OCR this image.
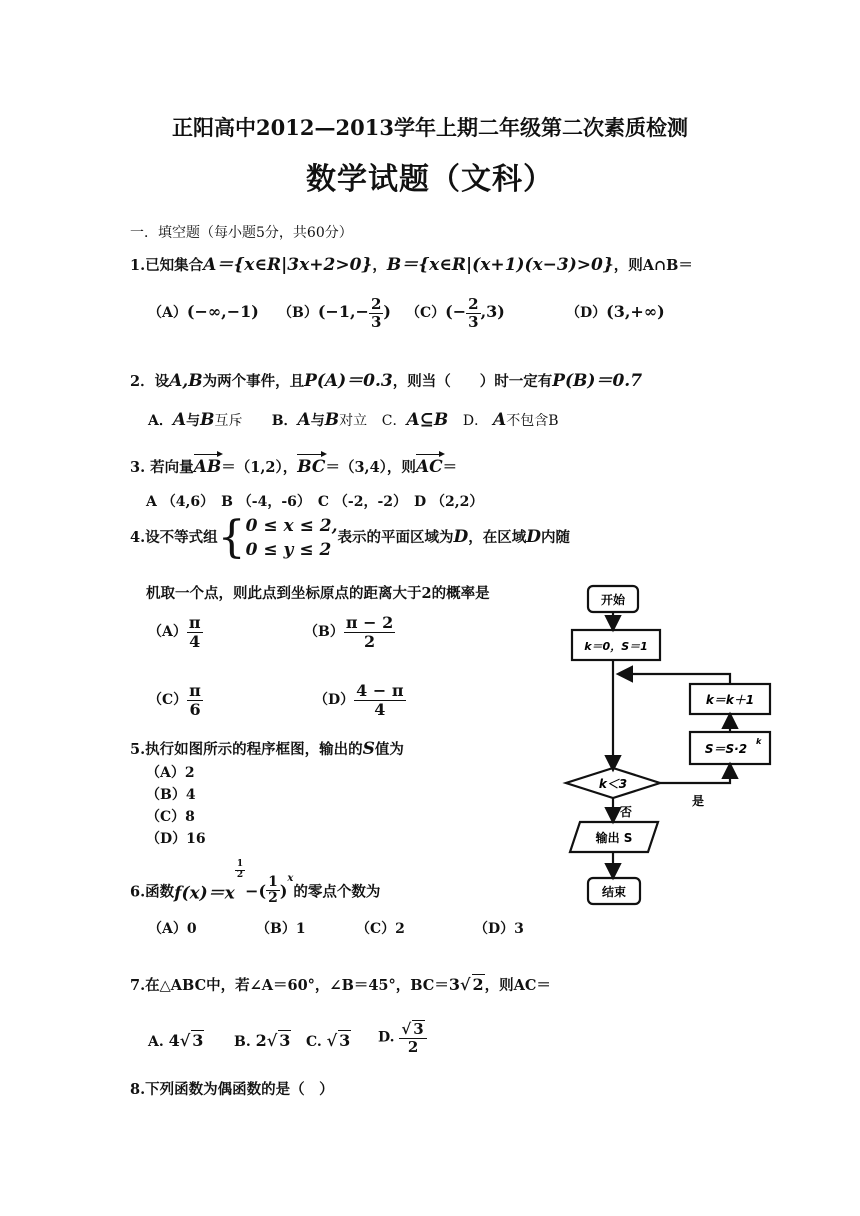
正阳高中2012—2013学年上期二年级第二次素质检测
数学试题（文科）
一．填空题（每小题5分，共60分）
1.已知集合A＝{x∈R|3x+2>0}，B＝{x∈R|(x+1)(x−3)>0}，则A∩B＝
（A）(−∞,−1) $(B)(-1,- \frac{2}{3}$ ) $(C)(- \frac{2}{3} ,3)$	（D）(3,+∞)
2．设A,B为两个事件，且P(A)＝0.3，则当（　　）时一定有P(B)＝0.7
A．A与B互斥 B．A与B对立 C．A⊆B D． A不包含B
3. 若向量AB＝（1,2），BC＝（3,4），则AC＝
A （4,6）　B （-4，-6）　C （-2，-2）　D （2,2）
4.设不等式组{ 0 ≤ x ≤ 2,
0 ≤ y ≤ 2
表示的平面区域为D，在区域D内随
机取一个点，则此点到坐标原点的距离大于2的概率是
$(A) \frac{\pi}{4}$	$(B) \frac{\pi - 2}{2}$
$(C) \frac{\pi}{6}$	$(D) \frac{4 - \pi}{4}$
5.执行如图所示的程序框图，输出的S值为
（A）2
（B）4
（C）8
（D）16
开始
k＝0，S＝1
k＝k＋1
S＝S·2
k
k＜3
是
否
输出 S
结束
6.函数f(x)＝x
$\frac{1}{2}$
−( $\frac{1}{2} )^x$的零点个数为
（A）0	（B）1	（C）2	（D）3
7.在△ABC中，若∠A＝60°，∠B＝45°，BC＝3√ 2，则AC＝
A. 4√ 3 B. 2√ 3 C. √ 3 D. $\frac{√ 3}{2}$
8.下列函数为偶函数的是（　）
